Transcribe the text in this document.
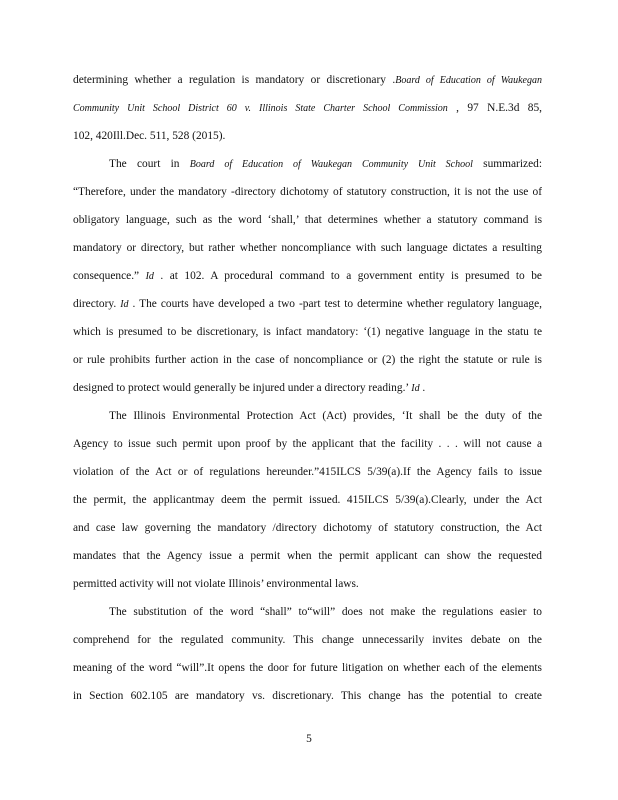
5
determining whether a regulation is mandatory or discretionary .Board of Education of Waukegan
Community Unit School District 60 v. Illinois State Charter School Commission , 97 N.E.3d 85,
102, 420Ill.Dec. 511, 528 (2015).
The court in Board of Education of Waukegan Community Unit School summarized:
“Therefore, under the mandatory -directory dichotomy of statutory construction, it is not the use of
obligatory language, such as the word ‘shall,’ that determines whether a statutory command is
mandatory or directory, but rather whether noncompliance with such language dictates a resulting
consequence.” Id . at 102. A procedural command to a government entity is presumed to be
directory. Id . The courts have developed a two -part test to determine whether regulatory language,
which is presumed to be discretionary, is infact mandatory: ‘(1) negative language in the statu te
or rule prohibits further action in the case of noncompliance or (2) the right the statute or rule is
designed to protect would generally be injured under a directory reading.’ Id .
The Illinois Environmental Protection Act (Act) provides, ‘It shall be the duty of the
Agency to issue such permit upon proof by the applicant that the facility . . . will not cause a
violation of the Act or of regulations hereunder.”415ILCS 5/39(a).If the Agency fails to issue
the permit, the applicantmay deem the permit issued. 415ILCS 5/39(a).Clearly, under the Act
and case law governing the mandatory /directory dichotomy of statutory construction, the Act
mandates that the Agency issue a permit when the permit applicant can show the requested
permitted activity will not violate Illinois’ environmental laws.
The substitution of the word “shall” to“will” does not make the regulations easier to
comprehend for the regulated community. This change unnecessarily invites debate on the
meaning of the word “will”.It opens the door for future litigation on whether each of the elements
in Section 602.105 are mandatory vs. discretionary. This change has the potential to create
